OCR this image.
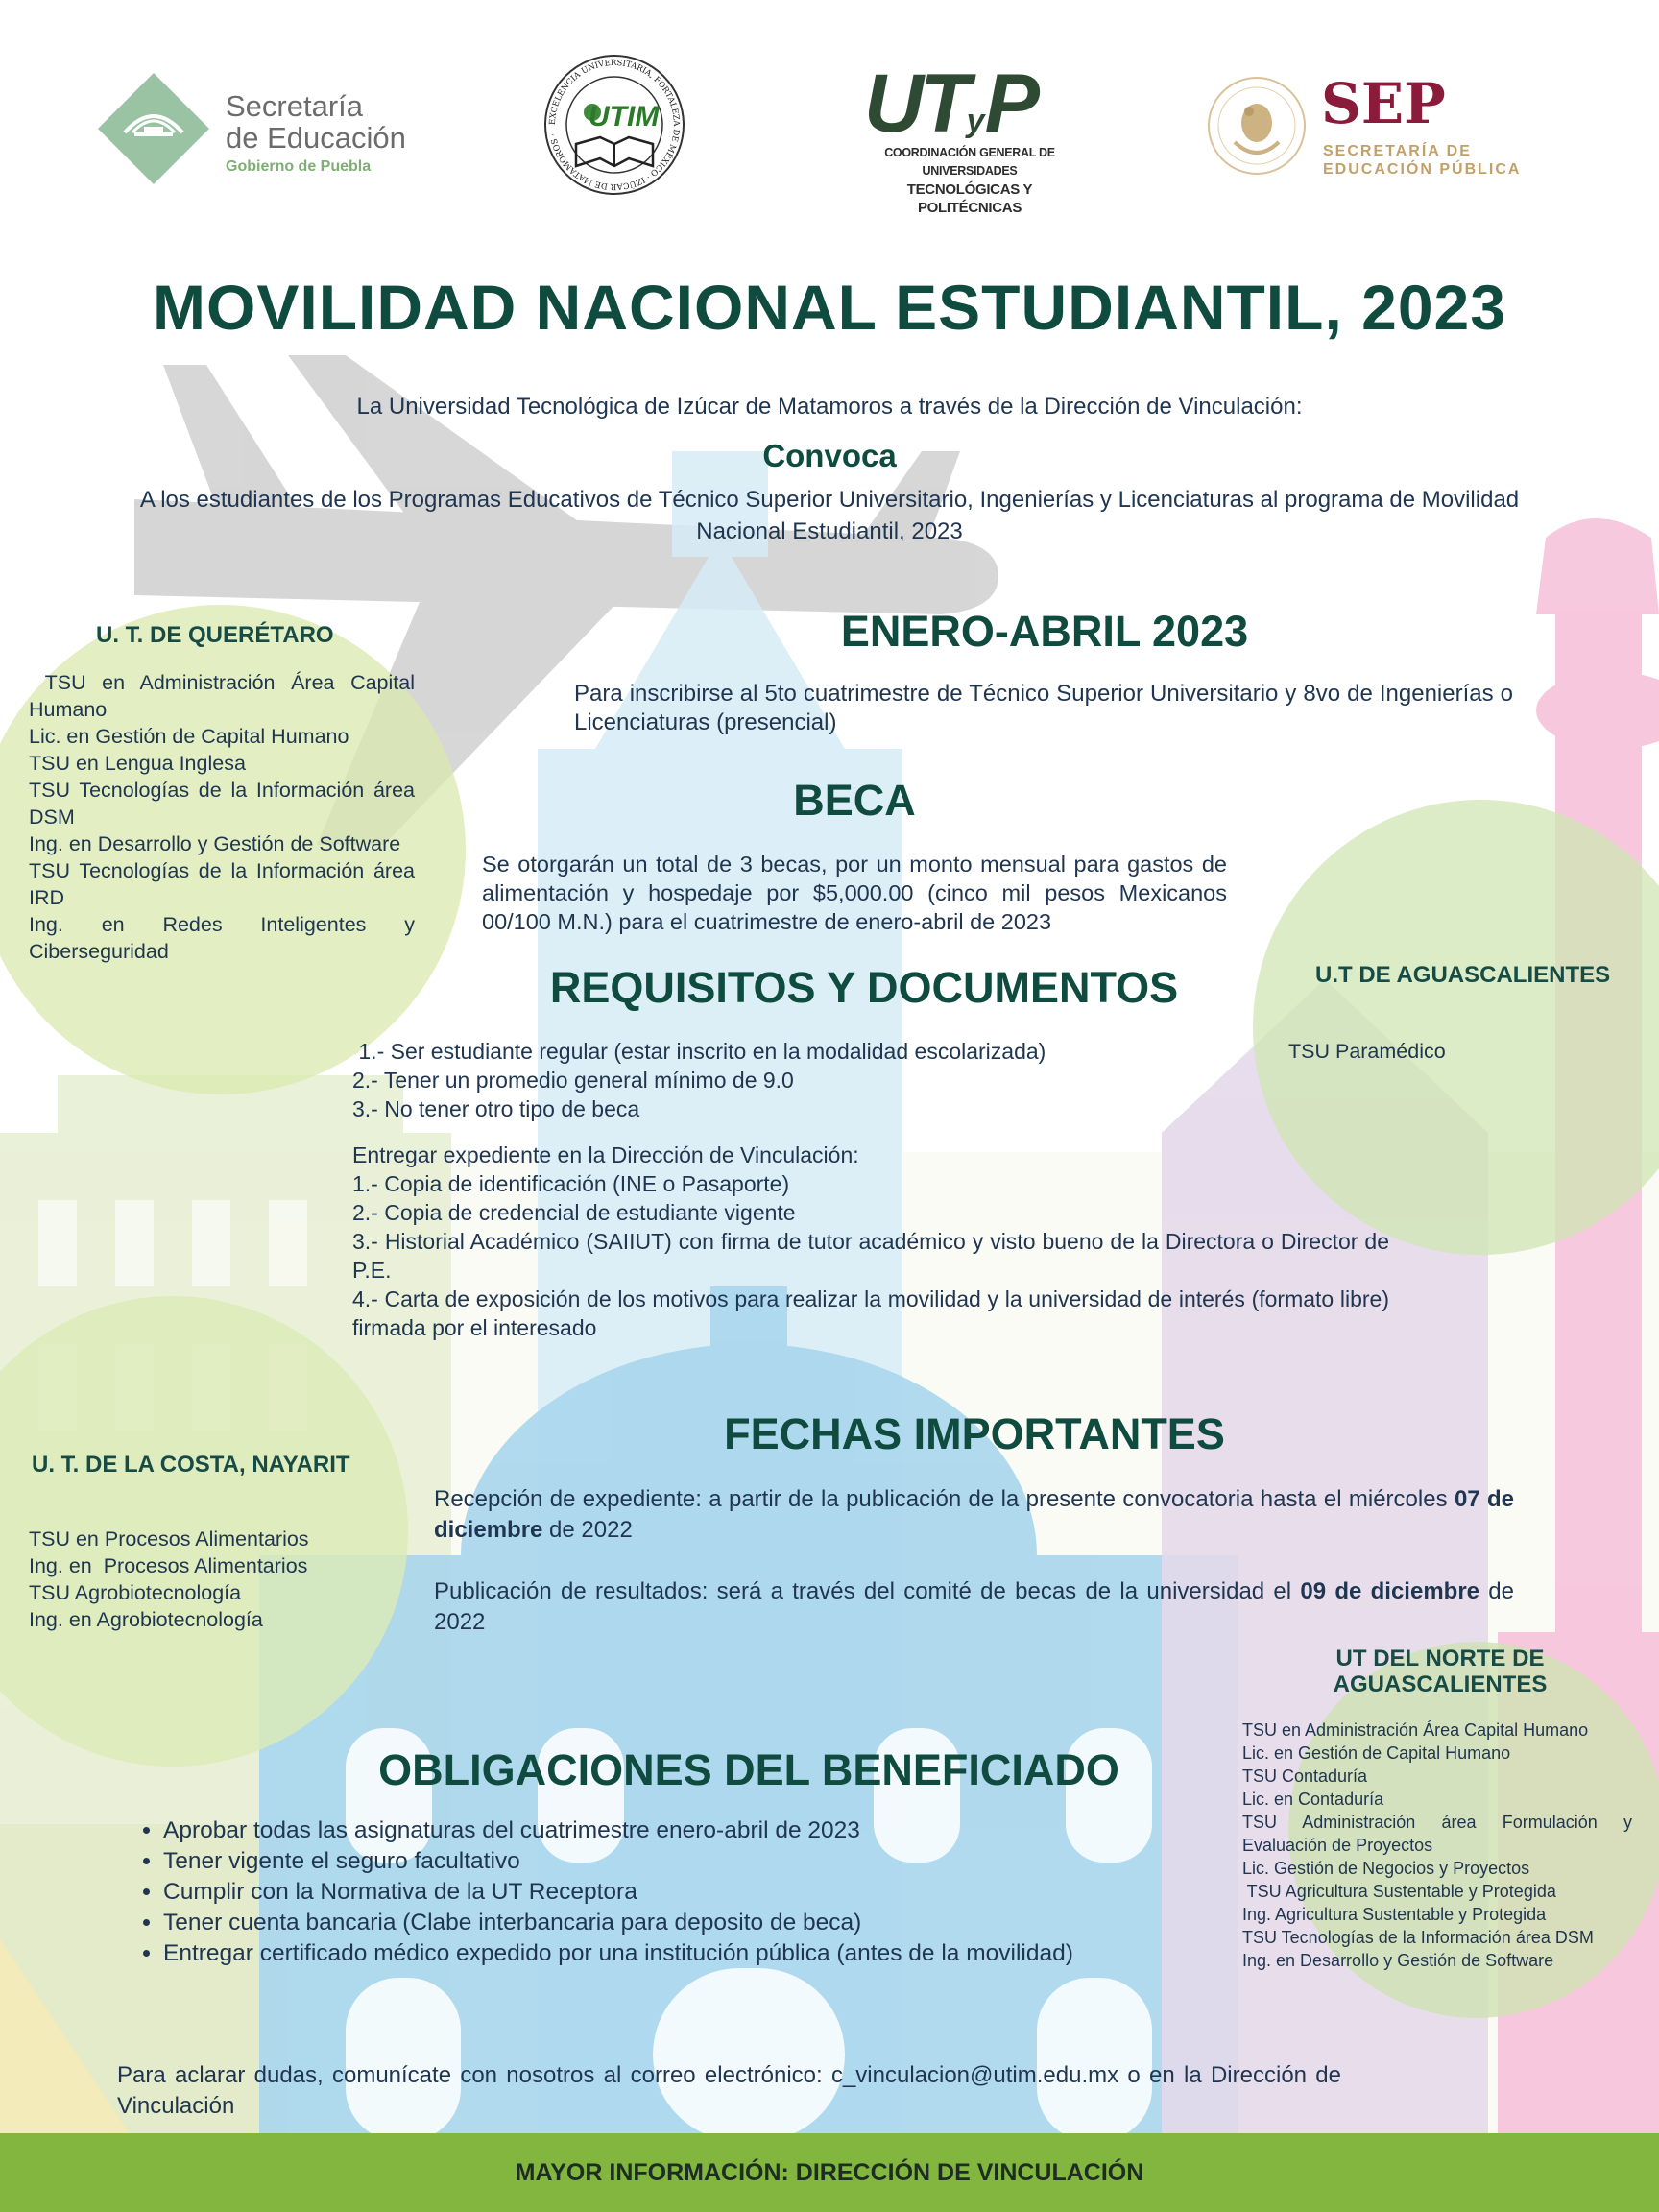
Secretaría
de Educación
Gobierno de Puebla
UTIM
EXCELENCIA UNIVERSITARIA, FORTALEZA DE MÉXICO · IZÚCAR DE MATAMOROS ·	UTyP
COORDINACIÓN GENERAL DE UNIVERSIDADES
TECNOLÓGICAS Y POLITÉCNICAS
SEP
SECRETARÍA DE
EDUCACIÓN PÚBLICA
MOVILIDAD NACIONAL ESTUDIANTIL, 2023
La Universidad Tecnológica de Izúcar de Matamoros a través de la Dirección de Vinculación:
Convoca
A los estudiantes de los Programas Educativos de Técnico Superior Universitario, Ingenierías y Licenciaturas al programa de Movilidad Nacional Estudiantil, 2023
ENERO-ABRIL 2023
Para inscribirse al 5to cuatrimestre de Técnico Superior Universitario y 8vo de Ingenierías o Licenciaturas (presencial)
BECA
Se otorgarán un total de 3 becas, por un monto mensual para gastos de alimentación y hospedaje por $5,000.00 (cinco mil pesos Mexicanos 00/100 M.N.) para el cuatrimestre de enero-abril de 2023
REQUISITOS Y DOCUMENTOS
1.- Ser estudiante regular (estar inscrito en la modalidad escolarizada)
2.- Tener un promedio general mínimo de 9.0
3.- No tener otro tipo de beca
Entregar expediente en la Dirección de Vinculación:
1.- Copia de identificación (INE o Pasaporte)
2.- Copia de credencial de estudiante vigente
3.- Historial Académico (SAIIUT) con firma de tutor académico y visto bueno de la Directora o Director de P.E.
4.- Carta de exposición de los motivos para realizar la movilidad y la universidad de interés (formato libre) firmada por el interesado
FECHAS IMPORTANTES
Recepción de expediente: a partir de la publicación de la presente convocatoria hasta el miércoles 07 de diciembre de 2022
Publicación de resultados: será a través del comité de becas de la universidad el 09 de diciembre de 2022
OBLIGACIONES DEL BENEFICIADO
• Aprobar todas las asignaturas del cuatrimestre enero-abril de 2023
• Tener vigente el seguro facultativo
• Cumplir con la Normativa de la UT Receptora
• Tener cuenta bancaria (Clabe interbancaria para deposito de beca)
• Entregar certificado médico expedido por una institución pública (antes de la movilidad)
U. T. DE QUERÉTARO
TSU en Administración Área Capital Humano
Lic. en Gestión de Capital Humano
TSU en Lengua Inglesa
TSU Tecnologías de la Información área DSM
Ing. en Desarrollo y Gestión de Software
TSU Tecnologías de la Información área IRD
Ing. en Redes Inteligentes y Ciberseguridad
U.T DE AGUASCALIENTES
TSU Paramédico
U. T. DE LA COSTA, NAYARIT
TSU en Procesos Alimentarios
Ing. en  Procesos Alimentarios
TSU Agrobiotecnología
Ing. en Agrobiotecnología
UT DEL NORTE DE
AGUASCALIENTES
TSU en Administración Área Capital Humano
Lic. en Gestión de Capital Humano
TSU Contaduría
Lic. en Contaduría
TSU Administración área Formulación y Evaluación de Proyectos
Lic. Gestión de Negocios y Proyectos
TSU Agricultura Sustentable y Protegida
Ing. Agricultura Sustentable y Protegida
TSU Tecnologías de la Información área DSM
Ing. en Desarrollo y Gestión de Software
Para aclarar dudas, comunícate con nosotros al correo electrónico: c_vinculacion@utim.edu.mx o en la Dirección de Vinculación
MAYOR INFORMACIÓN: DIRECCIÓN DE VINCULACIÓN
